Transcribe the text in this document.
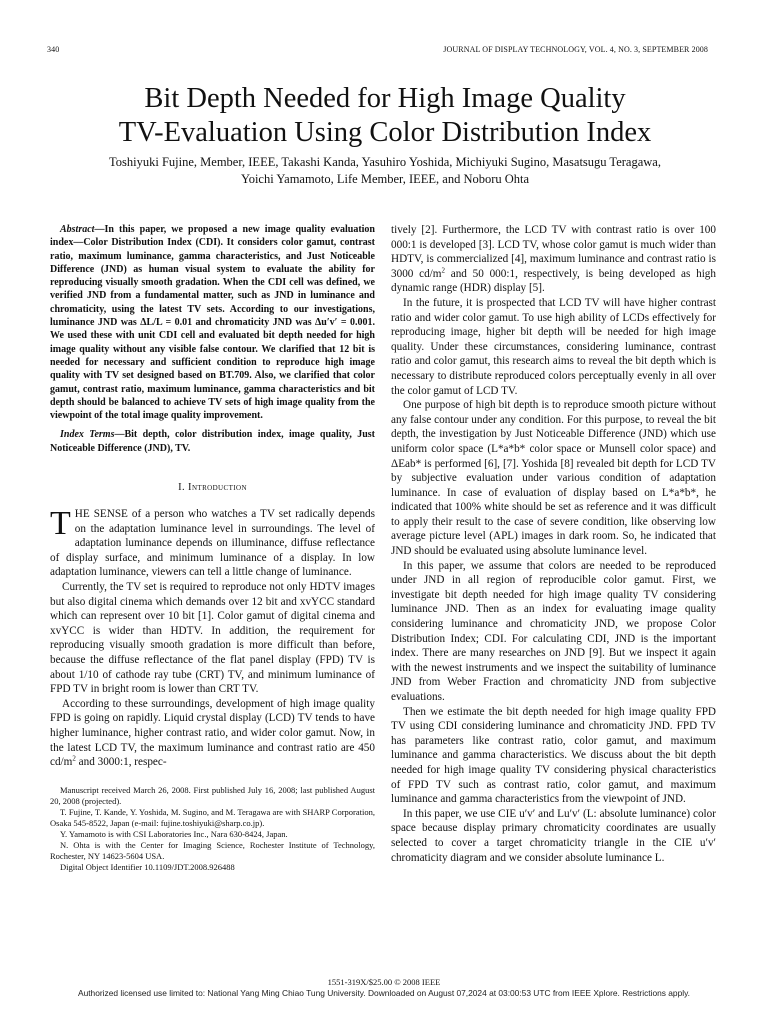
340	JOURNAL OF DISPLAY TECHNOLOGY, VOL. 4, NO. 3, SEPTEMBER 2008
Bit Depth Needed for High Image Quality
TV-Evaluation Using Color Distribution Index
Toshiyuki Fujine, Member, IEEE, Takashi Kanda, Yasuhiro Yoshida, Michiyuki Sugino, Masatsugu Teragawa,
Yoichi Yamamoto, Life Member, IEEE, and Noboru Ohta

Abstract—In this paper, we proposed a new image quality evaluation index—Color Distribution Index (CDI). It considers color gamut, contrast ratio, maximum luminance, gamma characteristics, and Just Noticeable Difference (JND) as human visual system to evaluate the ability for reproducing visually smooth gradation. When the CDI cell was defined, we verified JND from a fundamental matter, such as JND in luminance and chromaticity, using the latest TV sets. According to our investigations, luminance JND was ΔL/L = 0.01 and chromaticity JND was Δu′v′ = 0.001. We used these with unit CDI cell and evaluated bit depth needed for high image quality without any visible false contour. We clarified that 12 bit is needed for necessary and sufficient condition to reproduce high image quality with TV set designed based on BT.709. Also, we clarified that color gamut, contrast ratio, maximum luminance, gamma characteristics and bit depth should be balanced to achieve TV sets of high image quality from the viewpoint of the total image quality improvement.

Index Terms—Bit depth, color distribution index, image quality, Just Noticeable Difference (JND), TV.

I. Introduction

THE SENSE of a person who watches a TV set radically depends on the adaptation luminance level in surroundings. The level of adaptation luminance depends on illuminance, diffuse reflectance of display surface, and minimum luminance of a display. In low adaptation luminance, viewers can tell a little change of luminance.

Currently, the TV set is required to reproduce not only HDTV images but also digital cinema which demands over 12 bit and xvYCC standard which can represent over 10 bit [1]. Color gamut of digital cinema and xvYCC is wider than HDTV. In addition, the requirement for reproducing visually smooth gradation is more difficult than before, because the diffuse reflectance of the flat panel display (FPD) TV is about 1/10 of cathode ray tube (CRT) TV, and minimum luminance of FPD TV in bright room is lower than CRT TV.

According to these surroundings, development of high image quality FPD is going on rapidly. Liquid crystal display (LCD) TV tends to have higher luminance, higher contrast ratio, and wider color gamut. Now, in the latest LCD TV, the maximum luminance and contrast ratio are 450 $cd/m^2$ and 3000:1, respec-

Manuscript received March 26, 2008. First published July 16, 2008; last published August 20, 2008 (projected).

T. Fujine, T. Kande, Y. Yoshida, M. Sugino, and M. Teragawa are with SHARP Corporation, Osaka 545-8522, Japan (e-mail: fujine.toshiyuki@sharp.co.jp).

Y. Yamamoto is with CSI Laboratories Inc., Nara 630-8424, Japan.

N. Ohta is with the Center for Imaging Science, Rochester Institute of Technology, Rochester, NY 14623-5604 USA.

Digital Object Identifier 10.1109/JDT.2008.926488

tively [2]. Furthermore, the LCD TV with contrast ratio is over 100 000:1 is developed [3]. LCD TV, whose color gamut is much wider than HDTV, is commercialized [4], maximum luminance and contrast ratio is 3000 $cd/m^2$ and 50 000:1, respectively, is being developed as high dynamic range (HDR) display [5].

In the future, it is prospected that LCD TV will have higher contrast ratio and wider color gamut. To use high ability of LCDs effectively for reproducing image, higher bit depth will be needed for high image quality. Under these circumstances, considering luminance, contrast ratio and color gamut, this research aims to reveal the bit depth which is necessary to distribute reproduced colors perceptually evenly in all over the color gamut of LCD TV.

One purpose of high bit depth is to reproduce smooth picture without any false contour under any condition. For this purpose, to reveal the bit depth, the investigation by Just Noticeable Difference (JND) which use uniform color space (L*a*b* color space or Munsell color space) and ΔEab* is performed [6], [7]. Yoshida [8] revealed bit depth for LCD TV by subjective evaluation under various condition of adaptation luminance. In case of evaluation of display based on L*a*b*, he indicated that 100% white should be set as reference and it was difficult to apply their result to the case of severe condition, like observing low average picture level (APL) images in dark room. So, he indicated that JND should be evaluated using absolute luminance level.

In this paper, we assume that colors are needed to be reproduced under JND in all region of reproducible color gamut. First, we investigate bit depth needed for high image quality TV considering luminance JND. Then as an index for evaluating image quality considering luminance and chromaticity JND, we propose Color Distribution Index; CDI. For calculating CDI, JND is the important index. There are many researches on JND [9]. But we inspect it again with the newest instruments and we inspect the suitability of luminance JND from Weber Fraction and chromaticity JND from subjective evaluations.

Then we estimate the bit depth needed for high image quality FPD TV using CDI considering luminance and chromaticity JND. FPD TV has parameters like contrast ratio, color gamut, and maximum luminance and gamma characteristics. We discuss about the bit depth needed for high image quality TV considering physical characteristics of FPD TV such as contrast ratio, color gamut, and maximum luminance and gamma characteristics from the viewpoint of JND.

In this paper, we use CIE u′v′ and Lu′v′ (L: absolute luminance) color space because display primary chromaticity coordinates are usually selected to cover a target chromaticity triangle in the CIE u′v′ chromaticity diagram and we consider absolute luminance L.

1551-319X/$25.00 © 2008 IEEE
Authorized licensed use limited to: National Yang Ming Chiao Tung University. Downloaded on August 07,2024 at 03:00:53 UTC from IEEE Xplore. Restrictions apply.
